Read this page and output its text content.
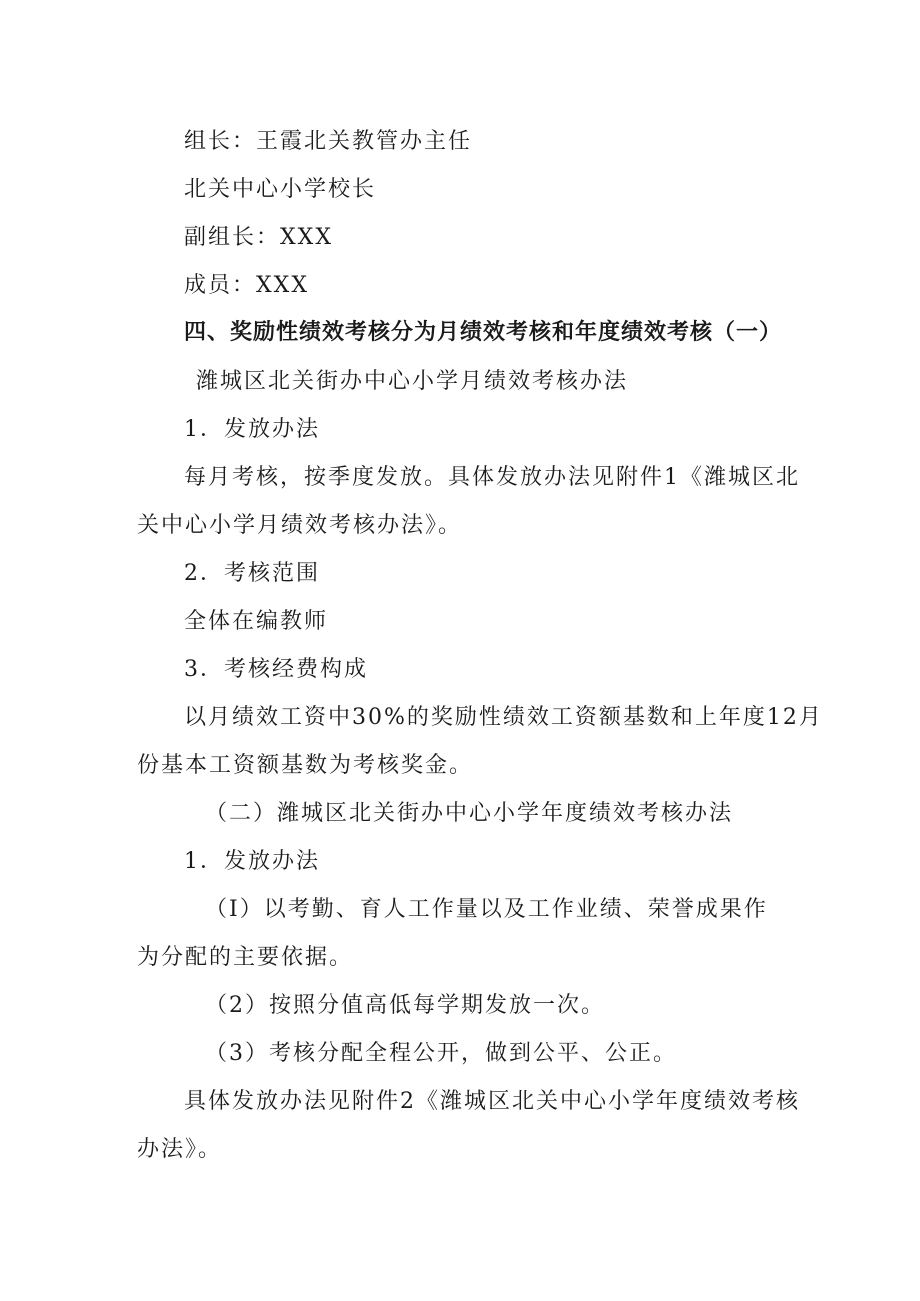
组长：王霞北关教管办主任
北关中心小学校长
副组长：XXX
成员：XXX
四、奖励性绩效考核分为月绩效考核和年度绩效考核（一）
潍城区北关街办中心小学月绩效考核办法
1．发放办法
每月考核，按季度发放。具体发放办法见附件1《潍城区北
关中心小学月绩效考核办法》。
2．考核范围
全体在编教师
3．考核经费构成
以月绩效工资中30%的奖励性绩效工资额基数和上年度12月
份基本工资额基数为考核奖金。
（二）潍城区北关街办中心小学年度绩效考核办法
1．发放办法
（I）以考勤、育人工作量以及工作业绩、荣誉成果作
为分配的主要依据。
（2）按照分值高低每学期发放一次。
（3）考核分配全程公开，做到公平、公正。
具体发放办法见附件2《潍城区北关中心小学年度绩效考核
办法》。
